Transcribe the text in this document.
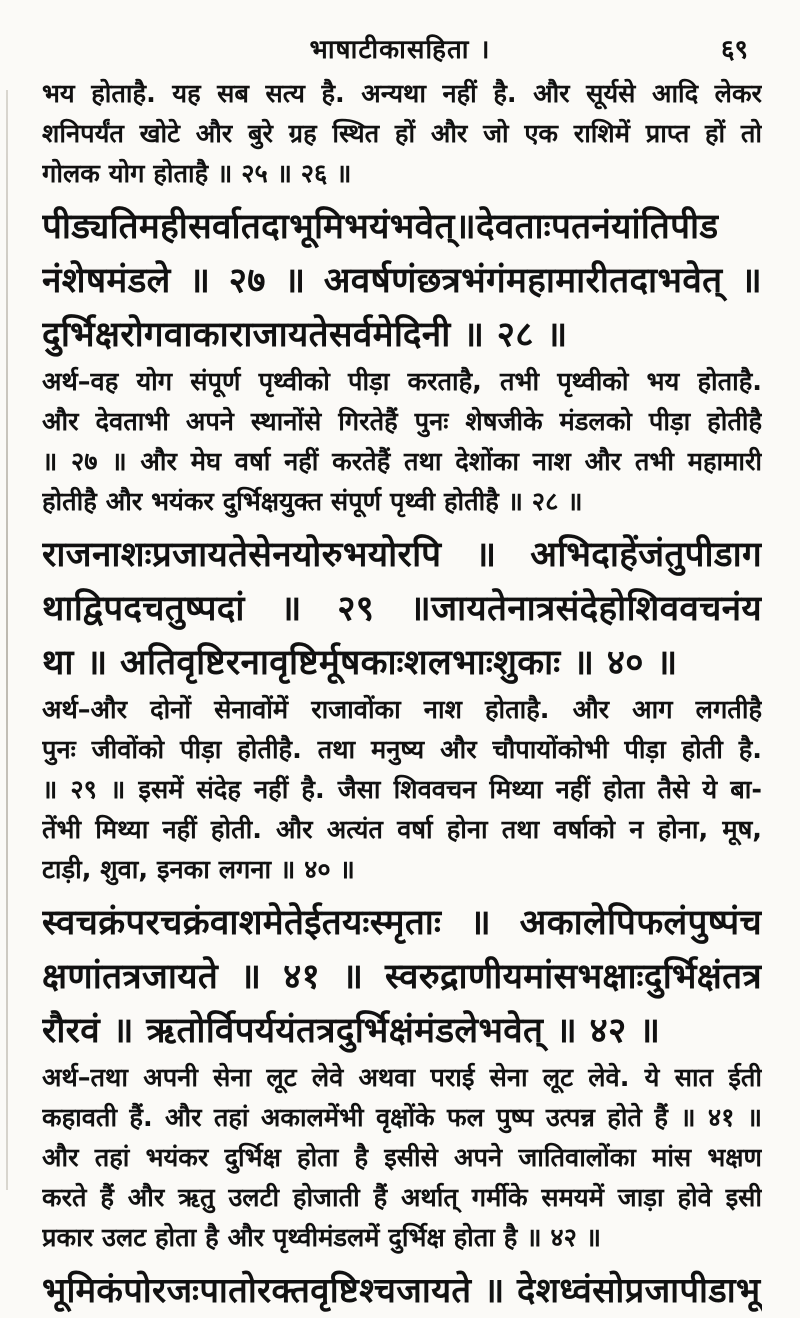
भाषाटीकासहिता ।	६९
भय होताहै. यह सब सत्य है. अन्यथा नहीं है. और सूर्यसे आदि लेकर
शनिपर्यंत खोटे और बुरे ग्रह स्थित हों और जो एक राशिमें प्राप्त हों तो
गोलक योग होताहै ॥ २५ ॥ २६ ॥
पीड्यतिमहीसर्वातदाभूमिभयंभवेत्॥देवताःपतनंयांतिपीड
नंशेषमंडले ॥ २७ ॥ अवर्षणंछत्रभंगंमहामारीतदाभवेत् ॥
दुर्भिक्षरोगवाकाराजायतेसर्वमेदिनी ॥ २८ ॥
अर्थ–वह योग संपूर्ण पृथ्वीको पीड़ा करताहै, तभी पृथ्वीको भय होताहै.
और देवताभी अपने स्थानोंसे गिरतेहैं पुनः शेषजीके मंडलको पीड़ा होतीहै
॥ २७ ॥ और मेघ वर्षा नहीं करतेहैं तथा देशोंका नाश और तभी महामारी
होतीहै और भयंकर दुर्भिक्षयुक्त संपूर्ण पृथ्वी होतीहै ॥ २८ ॥
राजनाशःप्रजायतेसेनयोरुभयोरपि ॥ अभिदाहेंजंतुपीडाग
थाद्विपदचतुष्पदां ॥ २९ ॥जायतेनात्रसंदेहोशिववचनंय
था ॥ अतिवृष्टिरनावृष्टिर्मूषकाःशलभाःशुकाः ॥ ४० ॥
अर्थ–और दोनों सेनावोंमें राजावोंका नाश होताहै. और आग लगतीहै
पुनः जीवोंको पीड़ा होतीहै. तथा मनुष्य और चौपायोंकोभी पीड़ा होती है.
॥ २९ ॥ इसमें संदेह नहीं है. जैसा शिववचन मिथ्या नहीं होता तैसे ये बा-
तेंभी मिथ्या नहीं होती. और अत्यंत वर्षा होना तथा वर्षाको न होना, मूष,
टाड़ी, शुवा, इनका लगना ॥ ४० ॥
स्वचक्रंपरचक्रंवाशमेतेईतयःस्मृताः ॥ अकालेपिफलंपुष्पंच
क्षणांतत्रजायते ॥ ४१ ॥ स्वरुद्राणीयमांसभक्षाःदुर्भिक्षंतत्र
रौरवं ॥ ऋतोर्विपर्ययंतत्रदुर्भिक्षंमंडलेभवेत् ॥ ४२ ॥
अर्थ–तथा अपनी सेना लूट लेवे अथवा पराई सेना लूट लेवे. ये सात ईती
कहावती हैं. और तहां अकालमेंभी वृक्षोंके फल पुष्प उत्पन्न होते हैं ॥ ४१ ॥
और तहां भयंकर दुर्भिक्ष होता है इसीसे अपने जातिवालोंका मांस भक्षण
करते हैं और ऋतु उलटी होजाती हैं अर्थात् गर्मीके समयमें जाड़ा होवे इसी
प्रकार उलट होता है और पृथ्वीमंडलमें दुर्भिक्ष होता है ॥ ४२ ॥
भूमिकंपोरजःपातोरक्तवृष्टिश्चजायते ॥ देशध्वंसोप्रजापीडाभू
